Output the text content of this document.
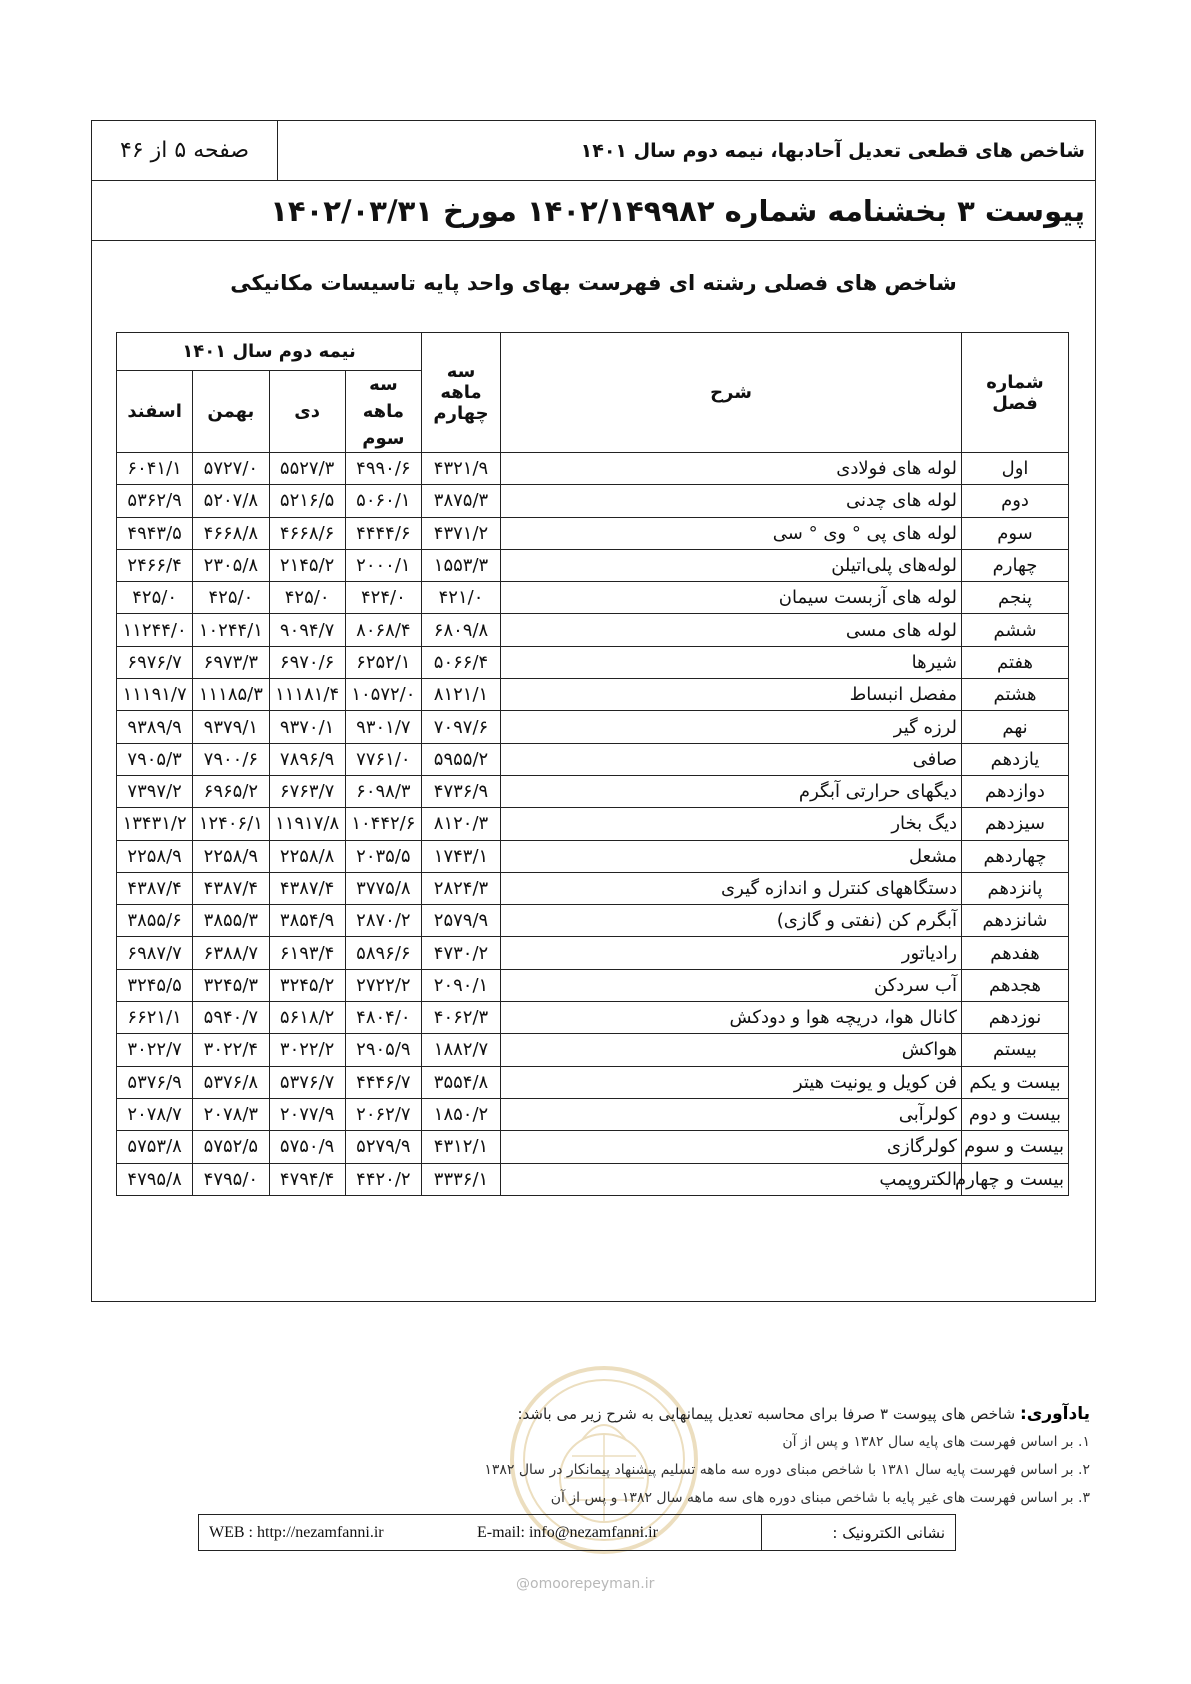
صفحه ۵ از ۴۶	شاخص های قطعی تعدیل آحادبها، نیمه دوم سال ۱۴۰۱
پیوست ۳ بخشنامه شماره ۱۴۰۲/۱۴۹۹۸۲ مورخ ۱۴۰۲/۰۳/۳۱
شاخص های فصلی رشته ای فهرست بهای واحد پایه تاسیسات مکانیکی
شماره فصل	شرح	سه ماهه چهارم	نیمه دوم سال ۱۴۰۱			
			سه ماهه سوم	دی	بهمن	اسفند
اول	لوله های فولادی	۴۳۲۱/۹	۴۹۹۰/۶	۵۵۲۷/۳	۵۷۲۷/۰	۶۰۴۱/۱
دوم	لوله های چدنی	۳۸۷۵/۳	۵۰۶۰/۱	۵۲۱۶/۵	۵۲۰۷/۸	۵۳۶۲/۹
سوم	لوله های پی ° وی ° سی	۴۳۷۱/۲	۴۴۴۴/۶	۴۶۶۸/۶	۴۶۶۸/۸	۴۹۴۳/۵
چهارم	لوله‌های پلی‌اتیلن	۱۵۵۳/۳	۲۰۰۰/۱	۲۱۴۵/۲	۲۳۰۵/۸	۲۴۶۶/۴
پنجم	لوله های آزبست سیمان	۴۲۱/۰	۴۲۴/۰	۴۲۵/۰	۴۲۵/۰	۴۲۵/۰
ششم	لوله های مسی	۶۸۰۹/۸	۸۰۶۸/۴	۹۰۹۴/۷	۱۰۲۴۴/۱	۱۱۲۴۴/۰
هفتم	شیرها	۵۰۶۶/۴	۶۲۵۲/۱	۶۹۷۰/۶	۶۹۷۳/۳	۶۹۷۶/۷
هشتم	مفصل انبساط	۸۱۲۱/۱	۱۰۵۷۲/۰	۱۱۱۸۱/۴	۱۱۱۸۵/۳	۱۱۱۹۱/۷
نهم	لرزه گیر	۷۰۹۷/۶	۹۳۰۱/۷	۹۳۷۰/۱	۹۳۷۹/۱	۹۳۸۹/۹
یازدهم	صافی	۵۹۵۵/۲	۷۷۶۱/۰	۷۸۹۶/۹	۷۹۰۰/۶	۷۹۰۵/۳
دوازدهم	دیگهای حرارتی آبگرم	۴۷۳۶/۹	۶۰۹۸/۳	۶۷۶۳/۷	۶۹۶۵/۲	۷۳۹۷/۲
سیزدهم	دیگ بخار	۸۱۲۰/۳	۱۰۴۴۲/۶	۱۱۹۱۷/۸	۱۲۴۰۶/۱	۱۳۴۳۱/۲
چهاردهم	مشعل	۱۷۴۳/۱	۲۰۳۵/۵	۲۲۵۸/۸	۲۲۵۸/۹	۲۲۵۸/۹
پانزدهم	دستگاههای کنترل و اندازه گیری	۲۸۲۴/۳	۳۷۷۵/۸	۴۳۸۷/۴	۴۳۸۷/۴	۴۳۸۷/۴
شانزدهم	آبگرم کن (نفتی و گازی)	۲۵۷۹/۹	۲۸۷۰/۲	۳۸۵۴/۹	۳۸۵۵/۳	۳۸۵۵/۶
هفدهم	رادیاتور	۴۷۳۰/۲	۵۸۹۶/۶	۶۱۹۳/۴	۶۳۸۸/۷	۶۹۸۷/۷
هجدهم	آب سردکن	۲۰۹۰/۱	۲۷۲۲/۲	۳۲۴۵/۲	۳۲۴۵/۳	۳۲۴۵/۵
نوزدهم	کانال هوا، دریچه هوا و دودکش	۴۰۶۲/۳	۴۸۰۴/۰	۵۶۱۸/۲	۵۹۴۰/۷	۶۶۲۱/۱
بیستم	هواکش	۱۸۸۲/۷	۲۹۰۵/۹	۳۰۲۲/۲	۳۰۲۲/۴	۳۰۲۲/۷
بیست و یکم	فن کویل و یونیت هیتر	۳۵۵۴/۸	۴۴۴۶/۷	۵۳۷۶/۷	۵۳۷۶/۸	۵۳۷۶/۹
بیست و دوم	کولرآبی	۱۸۵۰/۲	۲۰۶۲/۷	۲۰۷۷/۹	۲۰۷۸/۳	۲۰۷۸/۷
بیست و سوم	کولرگازی	۴۳۱۲/۱	۵۲۷۹/۹	۵۷۵۰/۹	۵۷۵۲/۵	۵۷۵۳/۸
بیست و چهارم	الکتروپمپ	۳۳۳۶/۱	۴۴۲۰/۲	۴۷۹۴/۴	۴۷۹۵/۰	۴۷۹۵/۸
@omoorepeyman.ir
یادآوری: شاخص های پیوست ۳ صرفا برای محاسبه تعدیل پیمانهایی به شرح زیر می باشد:
۱. بر اساس فهرست های پایه سال ۱۳۸۲ و پس از آن
۲. بر اساس فهرست پایه سال ۱۳۸۱ با شاخص مبنای دوره سه ماهه تسلیم پیشنهاد پیمانکار در سال ۱۳۸۲
۳. بر اساس فهرست های غیر پایه با شاخص مبنای دوره های سه ماهه سال ۱۳۸۲ و پس از آن
نشانی الکترونیک :
E-mail: info@nezamfanni.ir
WEB : http://nezamfanni.ir
